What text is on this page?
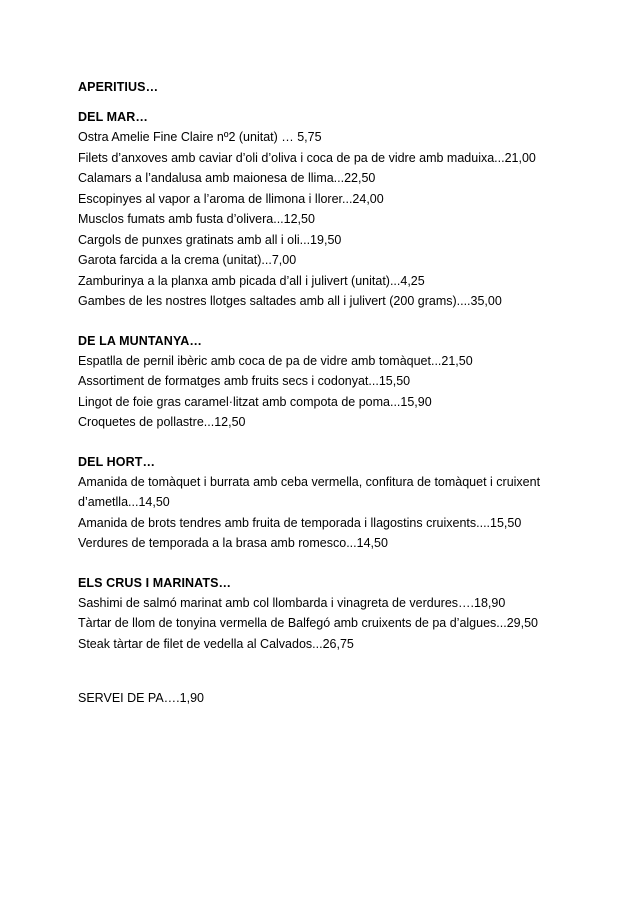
APERITIUS…
DEL MAR…
Ostra Amelie Fine Claire nº2 (unitat) … 5,75
Filets d’anxoves amb caviar d’oli d’oliva i coca de pa de vidre amb maduixa...21,00
Calamars a l’andalusa amb maionesa de llima...22,50
Escopinyes al vapor a l’aroma de llimona i llorer...24,00
Musclos fumats amb fusta d’olivera...12,50
Cargols de punxes gratinats amb all i oli...19,50
Garota farcida a la crema (unitat)...7,00
Zamburinya a la planxa amb picada d’all i julivert (unitat)...4,25
Gambes de les nostres llotges saltades amb all i julivert (200 grams)....35,00
DE LA MUNTANYA…
Espatlla de pernil ibèric amb coca de pa de vidre amb tomàquet...21,50
Assortiment de formatges amb fruits secs i codonyat...15,50
Lingot de foie gras caramel·litzat amb compota de poma...15,90
Croquetes de pollastre...12,50
DEL HORT…
Amanida de tomàquet i burrata amb ceba vermella, confitura de tomàquet i cruixent d’ametlla...14,50
Amanida de brots tendres amb fruita de temporada i llagostins cruixents....15,50
Verdures de temporada a la brasa amb romesco...14,50
ELS CRUS I MARINATS…
Sashimi de salmó marinat amb col llombarda i vinagreta de verdures….18,90
Tàrtar de llom de tonyina vermella de Balfegó amb cruixents de pa d’algues...29,50
Steak tàrtar de filet de vedella al Calvados...26,75
SERVEI DE PA….1,90
